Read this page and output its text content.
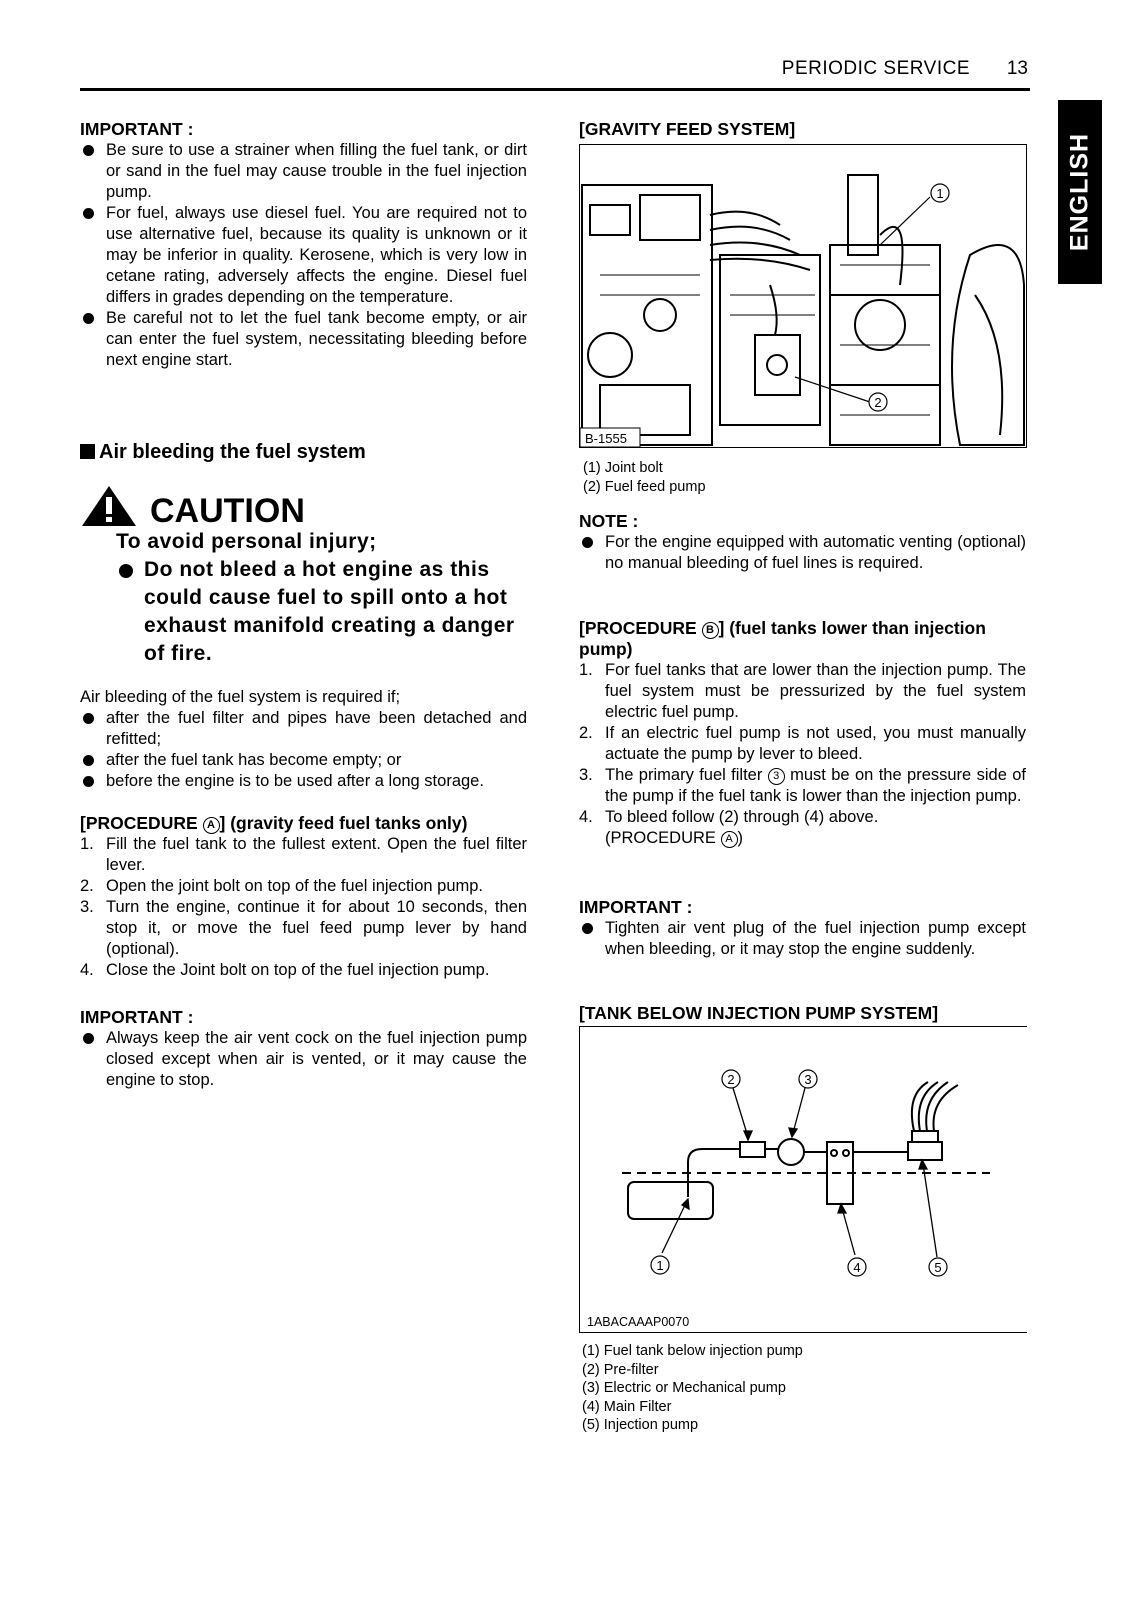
PERIODIC SERVICE 13
ENGLISH
IMPORTANT :
Be sure to use a strainer when filling the fuel tank, or dirt or sand in the fuel may cause trouble in the fuel injection pump.
For fuel, always use diesel fuel. You are required not to use alternative fuel, because its quality is unknown or it may be inferior in quality. Kerosene, which is very low in cetane rating, adversely affects the engine. Diesel fuel differs in grades depending on the temperature.
Be careful not to let the fuel tank become empty, or air can enter the fuel system, necessitating bleeding before next engine start.
Air bleeding the fuel system
CAUTION
To avoid personal injury;
Do not bleed a hot engine as this could cause fuel to spill onto a hot exhaust manifold creating a danger of fire.
Air bleeding of the fuel system is required if;
after the fuel filter and pipes have been detached and refitted;
after the fuel tank has become empty; or
before the engine is to be used after a long storage.
[PROCEDURE A ] (gravity feed fuel tanks only)
1. Fill the fuel tank to the fullest extent. Open the fuel filter lever.
2. Open the joint bolt on top of the fuel injection pump.
3. Turn the engine, continue it for about 10 seconds, then stop it, or move the fuel feed pump lever by hand (optional).
4. Close the Joint bolt on top of the fuel injection pump.
IMPORTANT :
Always keep the air vent cock on the fuel injection pump closed except when air is vented, or it may cause the engine to stop.
[GRAVITY FEED SYSTEM]
1
2
B-1555
(1) Joint bolt
(2) Fuel feed pump
NOTE :
For the engine equipped with automatic venting (optional) no manual bleeding of fuel lines is required.
[PROCEDURE B ] (fuel tanks lower than injection pump)
1. For fuel tanks that are lower than the injection pump. The fuel system must be pressurized by the fuel system electric fuel pump.
2. If an electric fuel pump is not used, you must manually actuate the pump by lever to bleed.
3. The primary fuel filter 3 must be on the pressure side of the pump if the fuel tank is lower than the injection pump.
4. To bleed follow (2) through (4) above.
(PROCEDURE A )
IMPORTANT :
Tighten air vent plug of the fuel injection pump except when bleeding, or it may stop the engine suddenly.
[TANK BELOW INJECTION PUMP SYSTEM]
2	3
1	4	5
1ABACAAAP0070
(1) Fuel tank below injection pump
(2) Pre-filter
(3) Electric or Mechanical pump
(4) Main Filter
(5) Injection pump
